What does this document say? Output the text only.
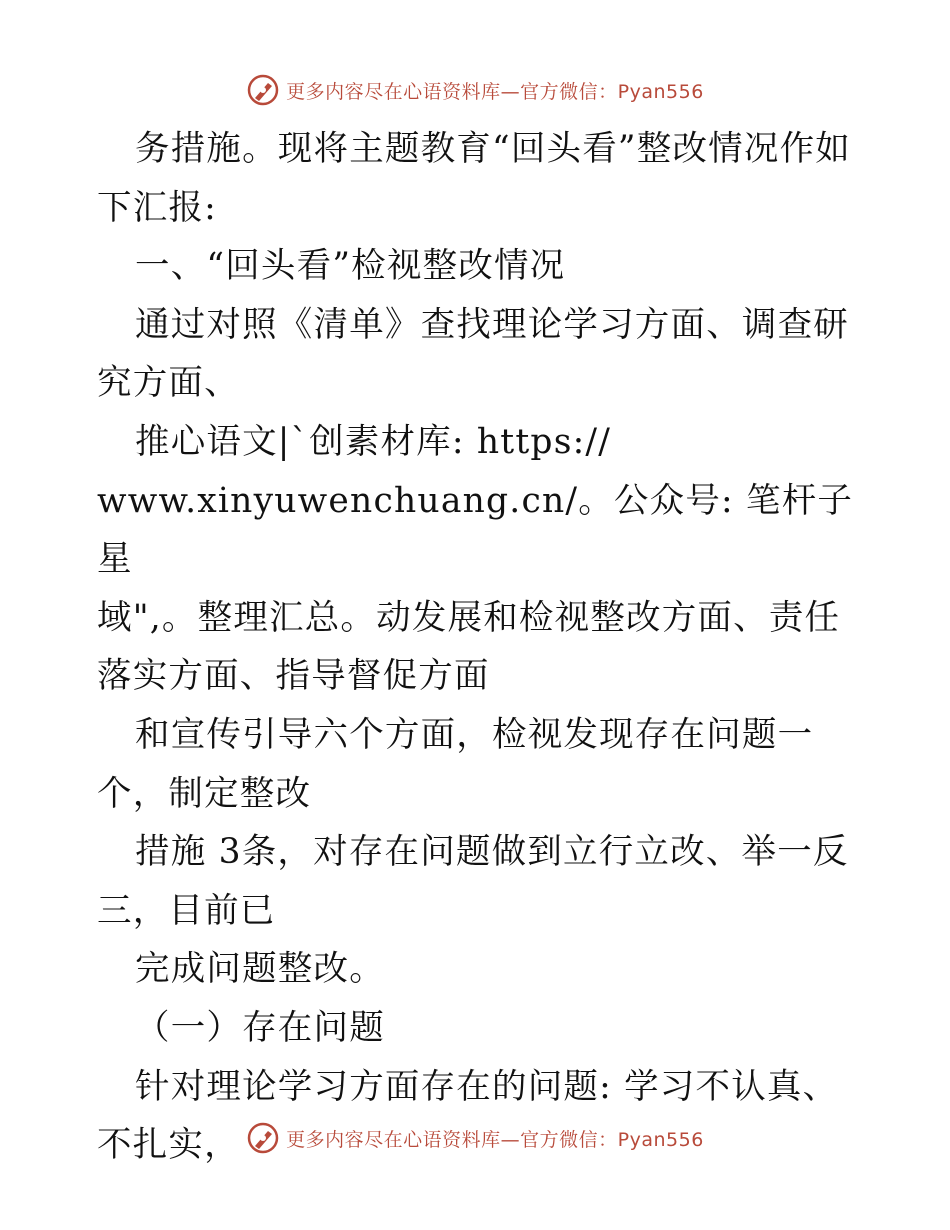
更多内容尽在心语资料库—官方微信：Pyan556

务措施。现将主题教育“回头看”整改情况作如下汇报:

一、“回头看”检视整改情况

通过对照《清单》查找理论学习方面、调查研究方面、

推心语文|`创素材库: https://

www.xinyuwenchuang.cn/。公众号: 笔杆子星

域",。整理汇总。动发展和检视整改方面、责任落实方面、指导督促方面

和宣传引导六个方面，检视发现存在问题一个，制定整改

措施 3条，对存在问题做到立行立改、举一反三，目前已

完成问题整改。

（一）存在问题

针对理论学习方面存在的问题: 学习不认真、不扎实，	更多内容尽在心语资料库—官方微信：Pyan556
